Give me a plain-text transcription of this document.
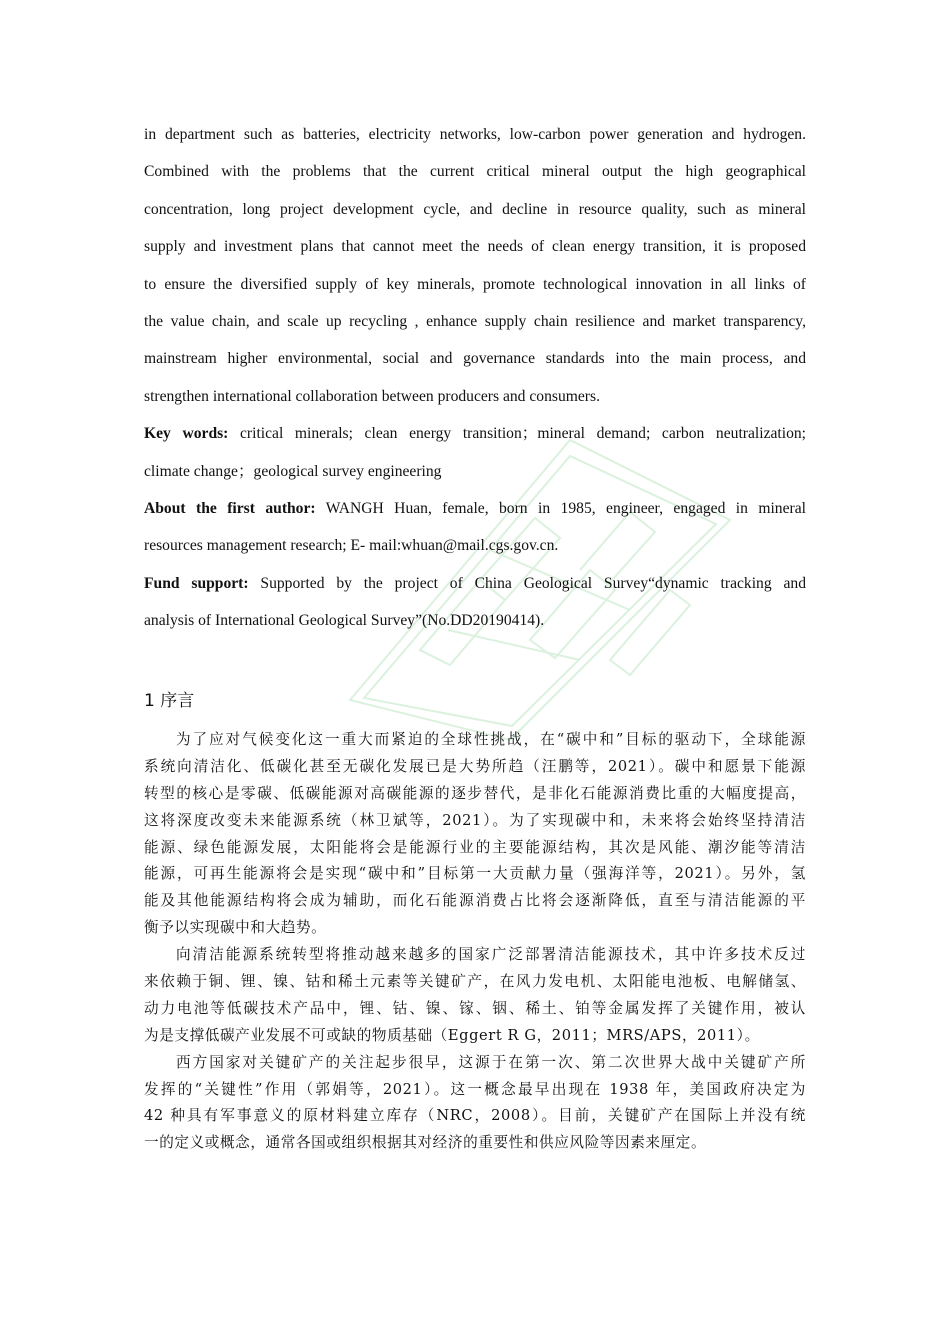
in department such as batteries, electricity networks, low-carbon power generation and hydrogen.
Combined with the problems that the current critical mineral output the high geographical
concentration, long project development cycle, and decline in resource quality, such as mineral
supply and investment plans that cannot meet the needs of clean energy transition, it is proposed
to ensure the diversified supply of key minerals, promote technological innovation in all links of
the value chain, and scale up recycling , enhance supply chain resilience and market transparency,
mainstream higher environmental, social and governance standards into the main process, and
strengthen international collaboration between producers and consumers.
Key words: critical minerals; clean energy transition；mineral demand; carbon neutralization;
climate change；geological survey engineering
About the first author: WANGH Huan, female, born in 1985, engineer, engaged in mineral
resources management research; E- mail:whuan@mail.cgs.gov.cn.
Fund support: Supported by the project of China Geological Survey“dynamic tracking and
analysis of International Geological Survey”(No.DD20190414).
1 序言
为了应对气候变化这一重大而紧迫的全球性挑战，在“碳中和”目标的驱动下，全球能源
系统向清洁化、低碳化甚至无碳化发展已是大势所趋（汪鹏等，2021）。碳中和愿景下能源
转型的核心是零碳、低碳能源对高碳能源的逐步替代，是非化石能源消费比重的大幅度提高，
这将深度改变未来能源系统（林卫斌等，2021）。为了实现碳中和，未来将会始终坚持清洁
能源、绿色能源发展，太阳能将会是能源行业的主要能源结构，其次是风能、潮汐能等清洁
能源，可再生能源将会是实现“碳中和”目标第一大贡献力量（强海洋等，2021）。另外，氢
能及其他能源结构将会成为辅助，而化石能源消费占比将会逐渐降低，直至与清洁能源的平
衡予以实现碳中和大趋势。
向清洁能源系统转型将推动越来越多的国家广泛部署清洁能源技术，其中许多技术反过
来依赖于铜、锂、镍、钴和稀土元素等关键矿产，在风力发电机、太阳能电池板、电解储氢、
动力电池等低碳技术产品中，锂、钴、镍、镓、铟、稀土、铂等金属发挥了关键作用，被认
为是支撑低碳产业发展不可或缺的物质基础（Eggert R G，2011；MRS/APS，2011）。
西方国家对关键矿产的关注起步很早，这源于在第一次、第二次世界大战中关键矿产所
发挥的“关键性”作用（郭娟等，2021）。这一概念最早出现在 1938 年，美国政府决定为
42 种具有军事意义的原材料建立库存（NRC，2008）。目前，关键矿产在国际上并没有统
一的定义或概念，通常各国或组织根据其对经济的重要性和供应风险等因素来厘定。
